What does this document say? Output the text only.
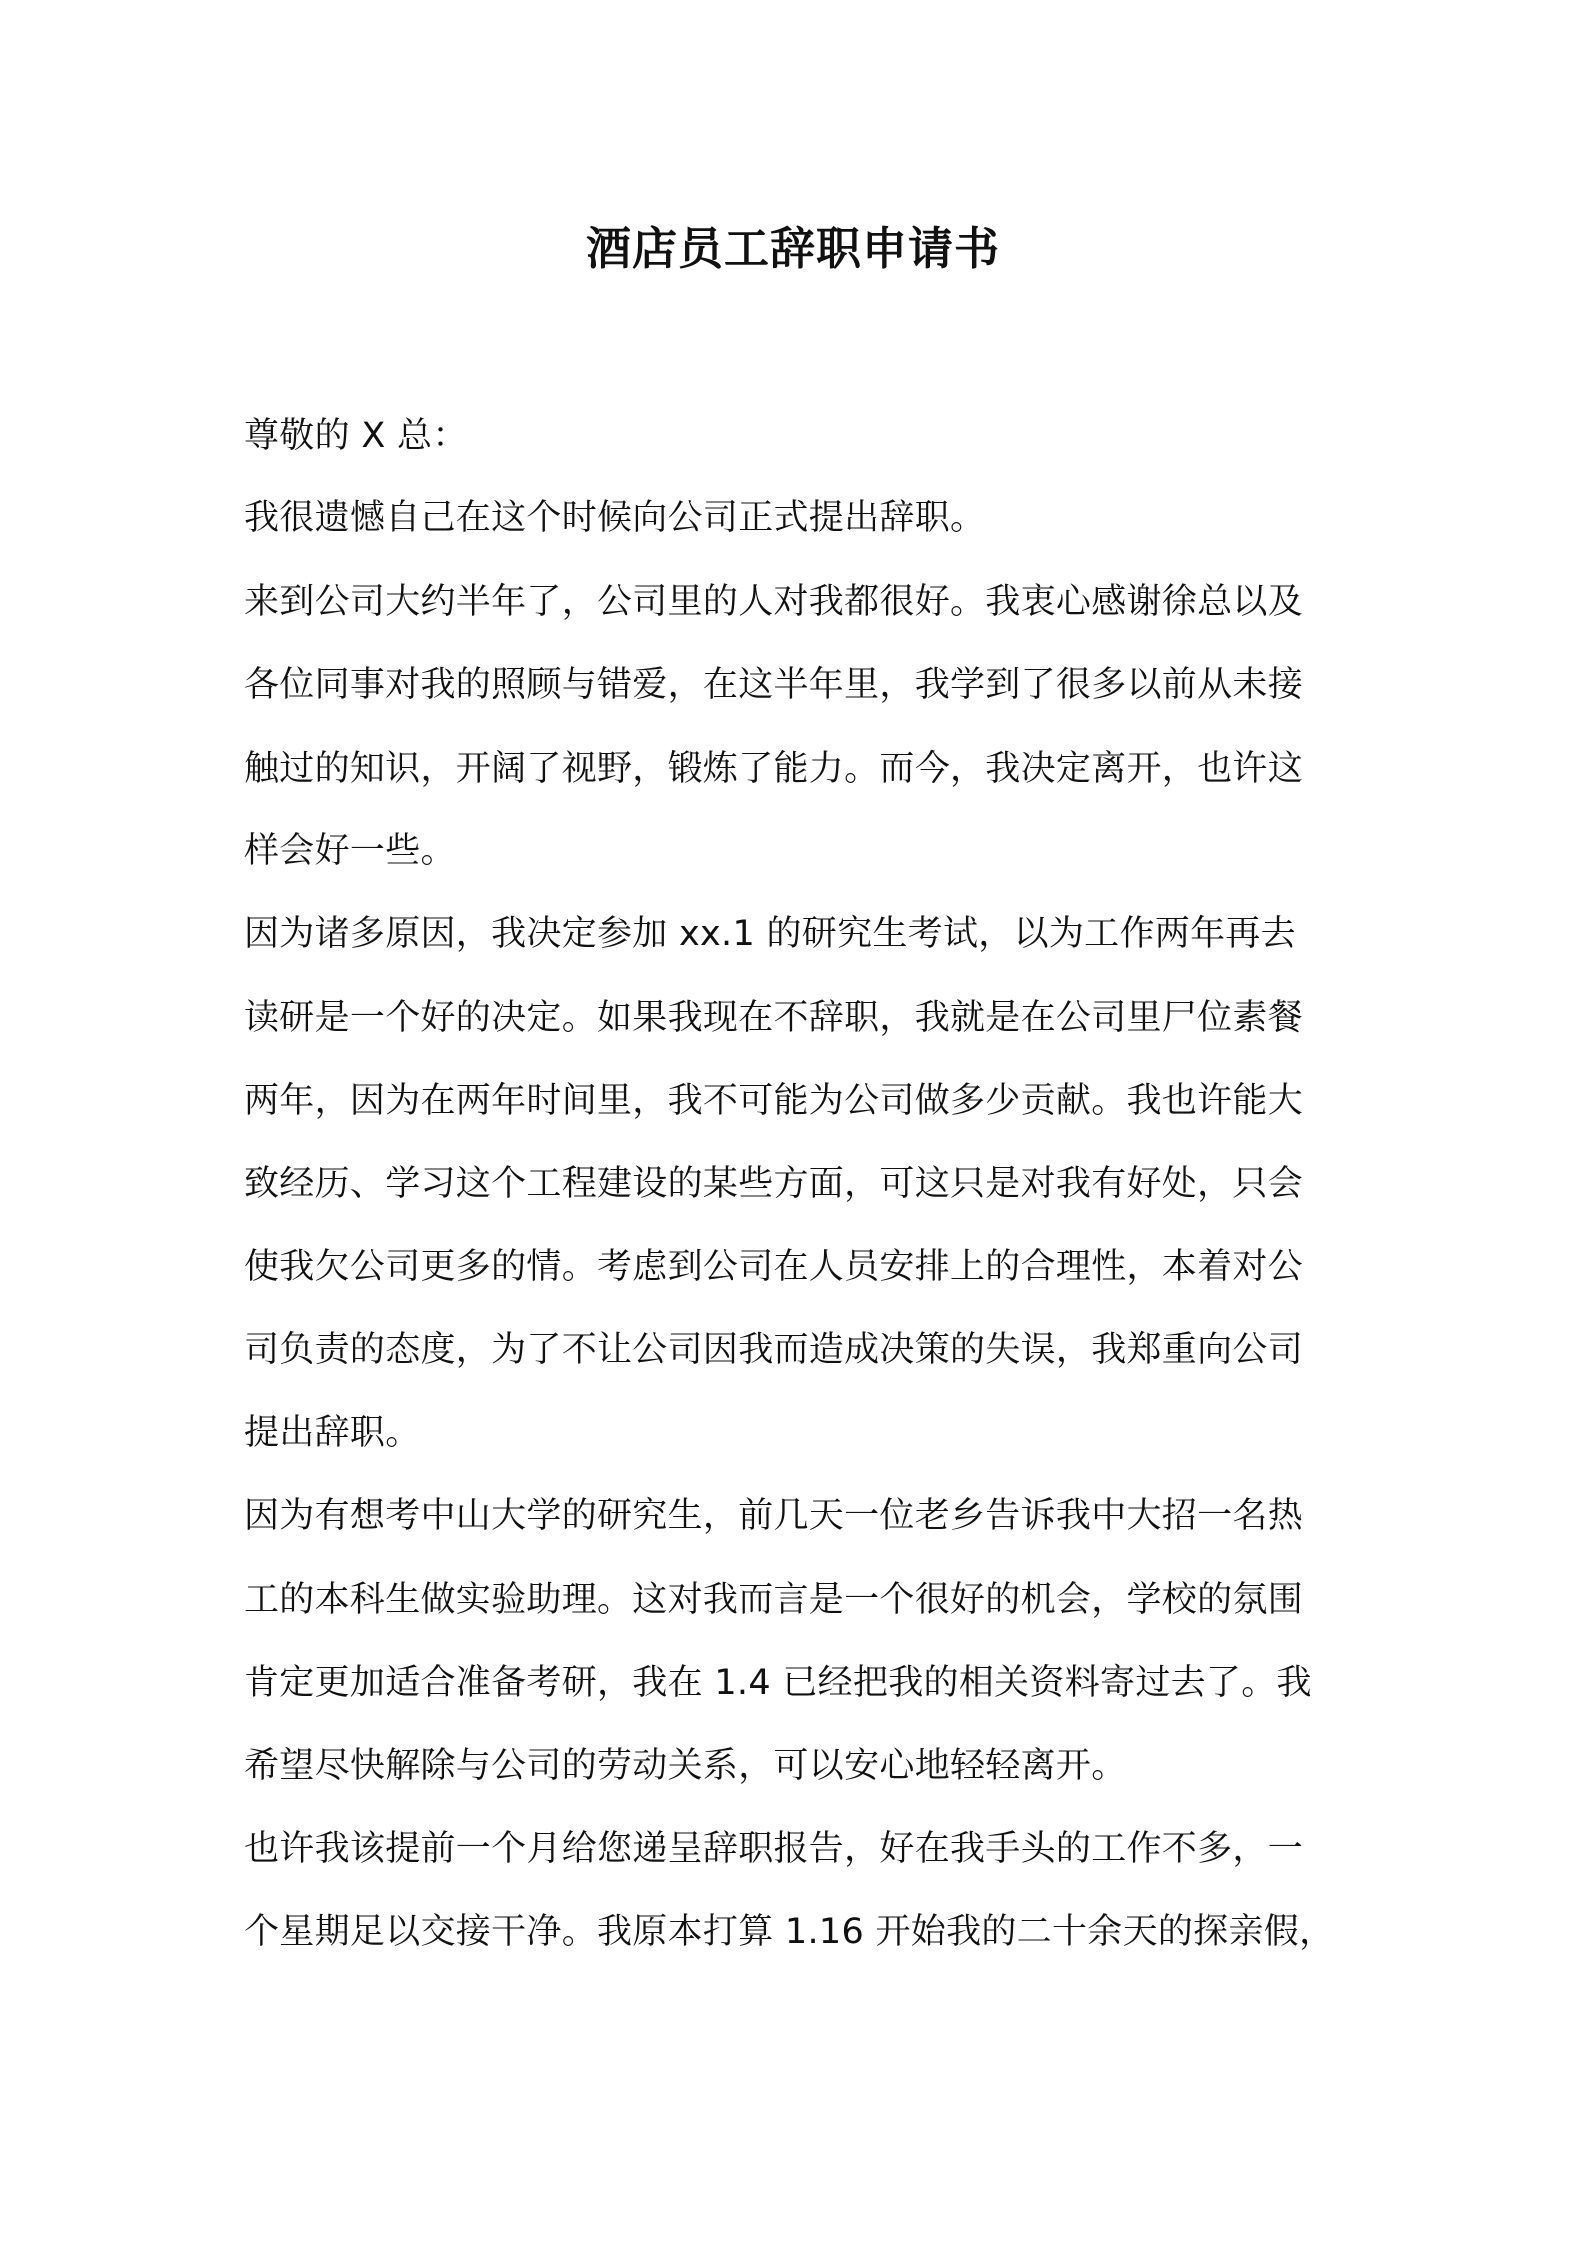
酒店员工辞职申请书
尊敬的 X 总：
我很遗憾自己在这个时候向公司正式提出辞职。
来到公司大约半年了，公司里的人对我都很好。我衷心感谢徐总以及
各位同事对我的照顾与错爱，在这半年里，我学到了很多以前从未接
触过的知识，开阔了视野，锻炼了能力。而今，我决定离开，也许这
样会好一些。
因为诸多原因，我决定参加 xx.1 的研究生考试，以为工作两年再去
读研是一个好的决定。如果我现在不辞职，我就是在公司里尸位素餐
两年，因为在两年时间里，我不可能为公司做多少贡献。我也许能大
致经历、学习这个工程建设的某些方面，可这只是对我有好处，只会
使我欠公司更多的情。考虑到公司在人员安排上的合理性，本着对公
司负责的态度，为了不让公司因我而造成决策的失误，我郑重向公司
提出辞职。
因为有想考中山大学的研究生，前几天一位老乡告诉我中大招一名热
工的本科生做实验助理。这对我而言是一个很好的机会，学校的氛围
肯定更加适合准备考研，我在 1.4 已经把我的相关资料寄过去了。我
希望尽快解除与公司的劳动关系，可以安心地轻轻离开。
也许我该提前一个月给您递呈辞职报告，好在我手头的工作不多，一
个星期足以交接干净。我原本打算 1.16 开始我的二十余天的探亲假，
